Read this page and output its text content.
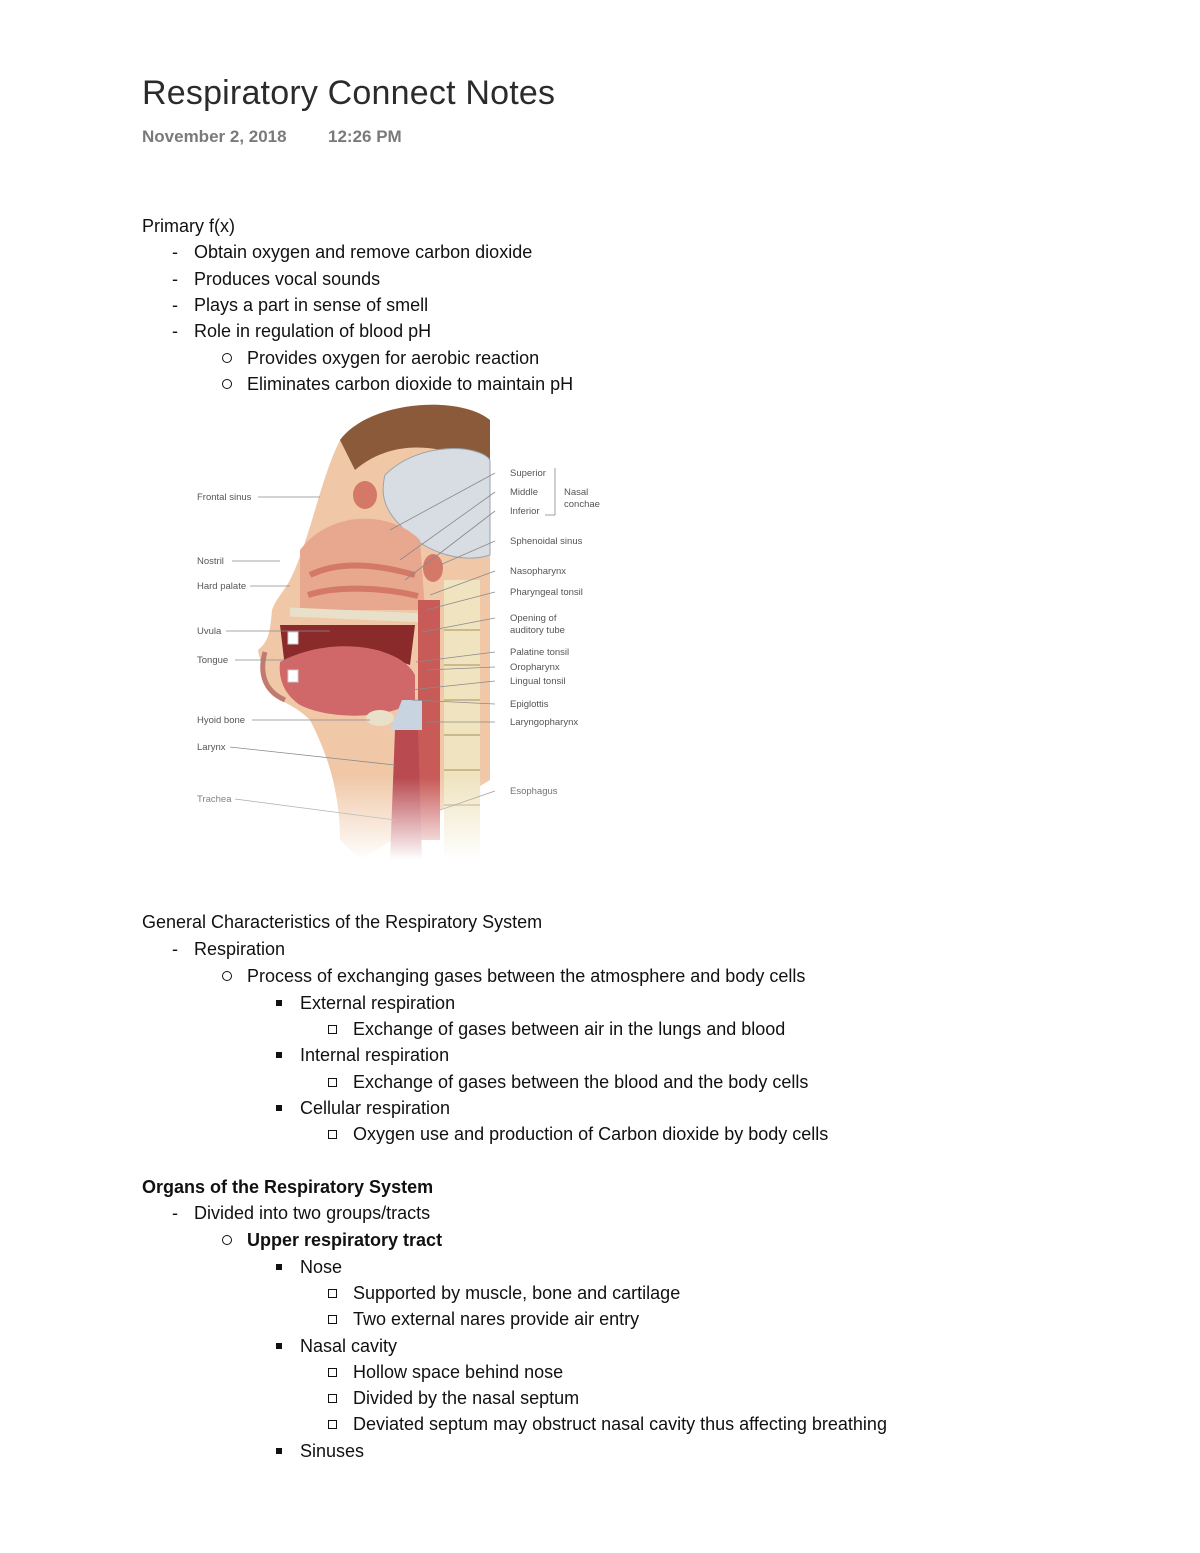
Respiratory Connect Notes
November 2, 2018 12:26 PM
Primary f(x)
- Obtain oxygen and remove carbon dioxide
- Produces vocal sounds
- Plays a part in sense of smell
- Role in regulation of blood pH
Provides oxygen for aerobic reaction
Eliminates carbon dioxide to maintain pH
General Characteristics of the Respiratory System
- Respiration
Process of exchanging gases between the atmosphere and body cells
External respiration
Exchange of gases between air in the lungs and blood
Internal respiration
Exchange of gases between the blood and the body cells
Cellular respiration
Oxygen use and production of Carbon dioxide by body cells
Organs of the Respiratory System
- Divided into two groups/tracts
Upper respiratory tract
Nose
Supported by muscle, bone and cartilage
Two external nares provide air entry
Nasal cavity
Hollow space behind nose
Divided by the nasal septum
Deviated septum may obstruct nasal cavity thus affecting breathing
Sinuses
